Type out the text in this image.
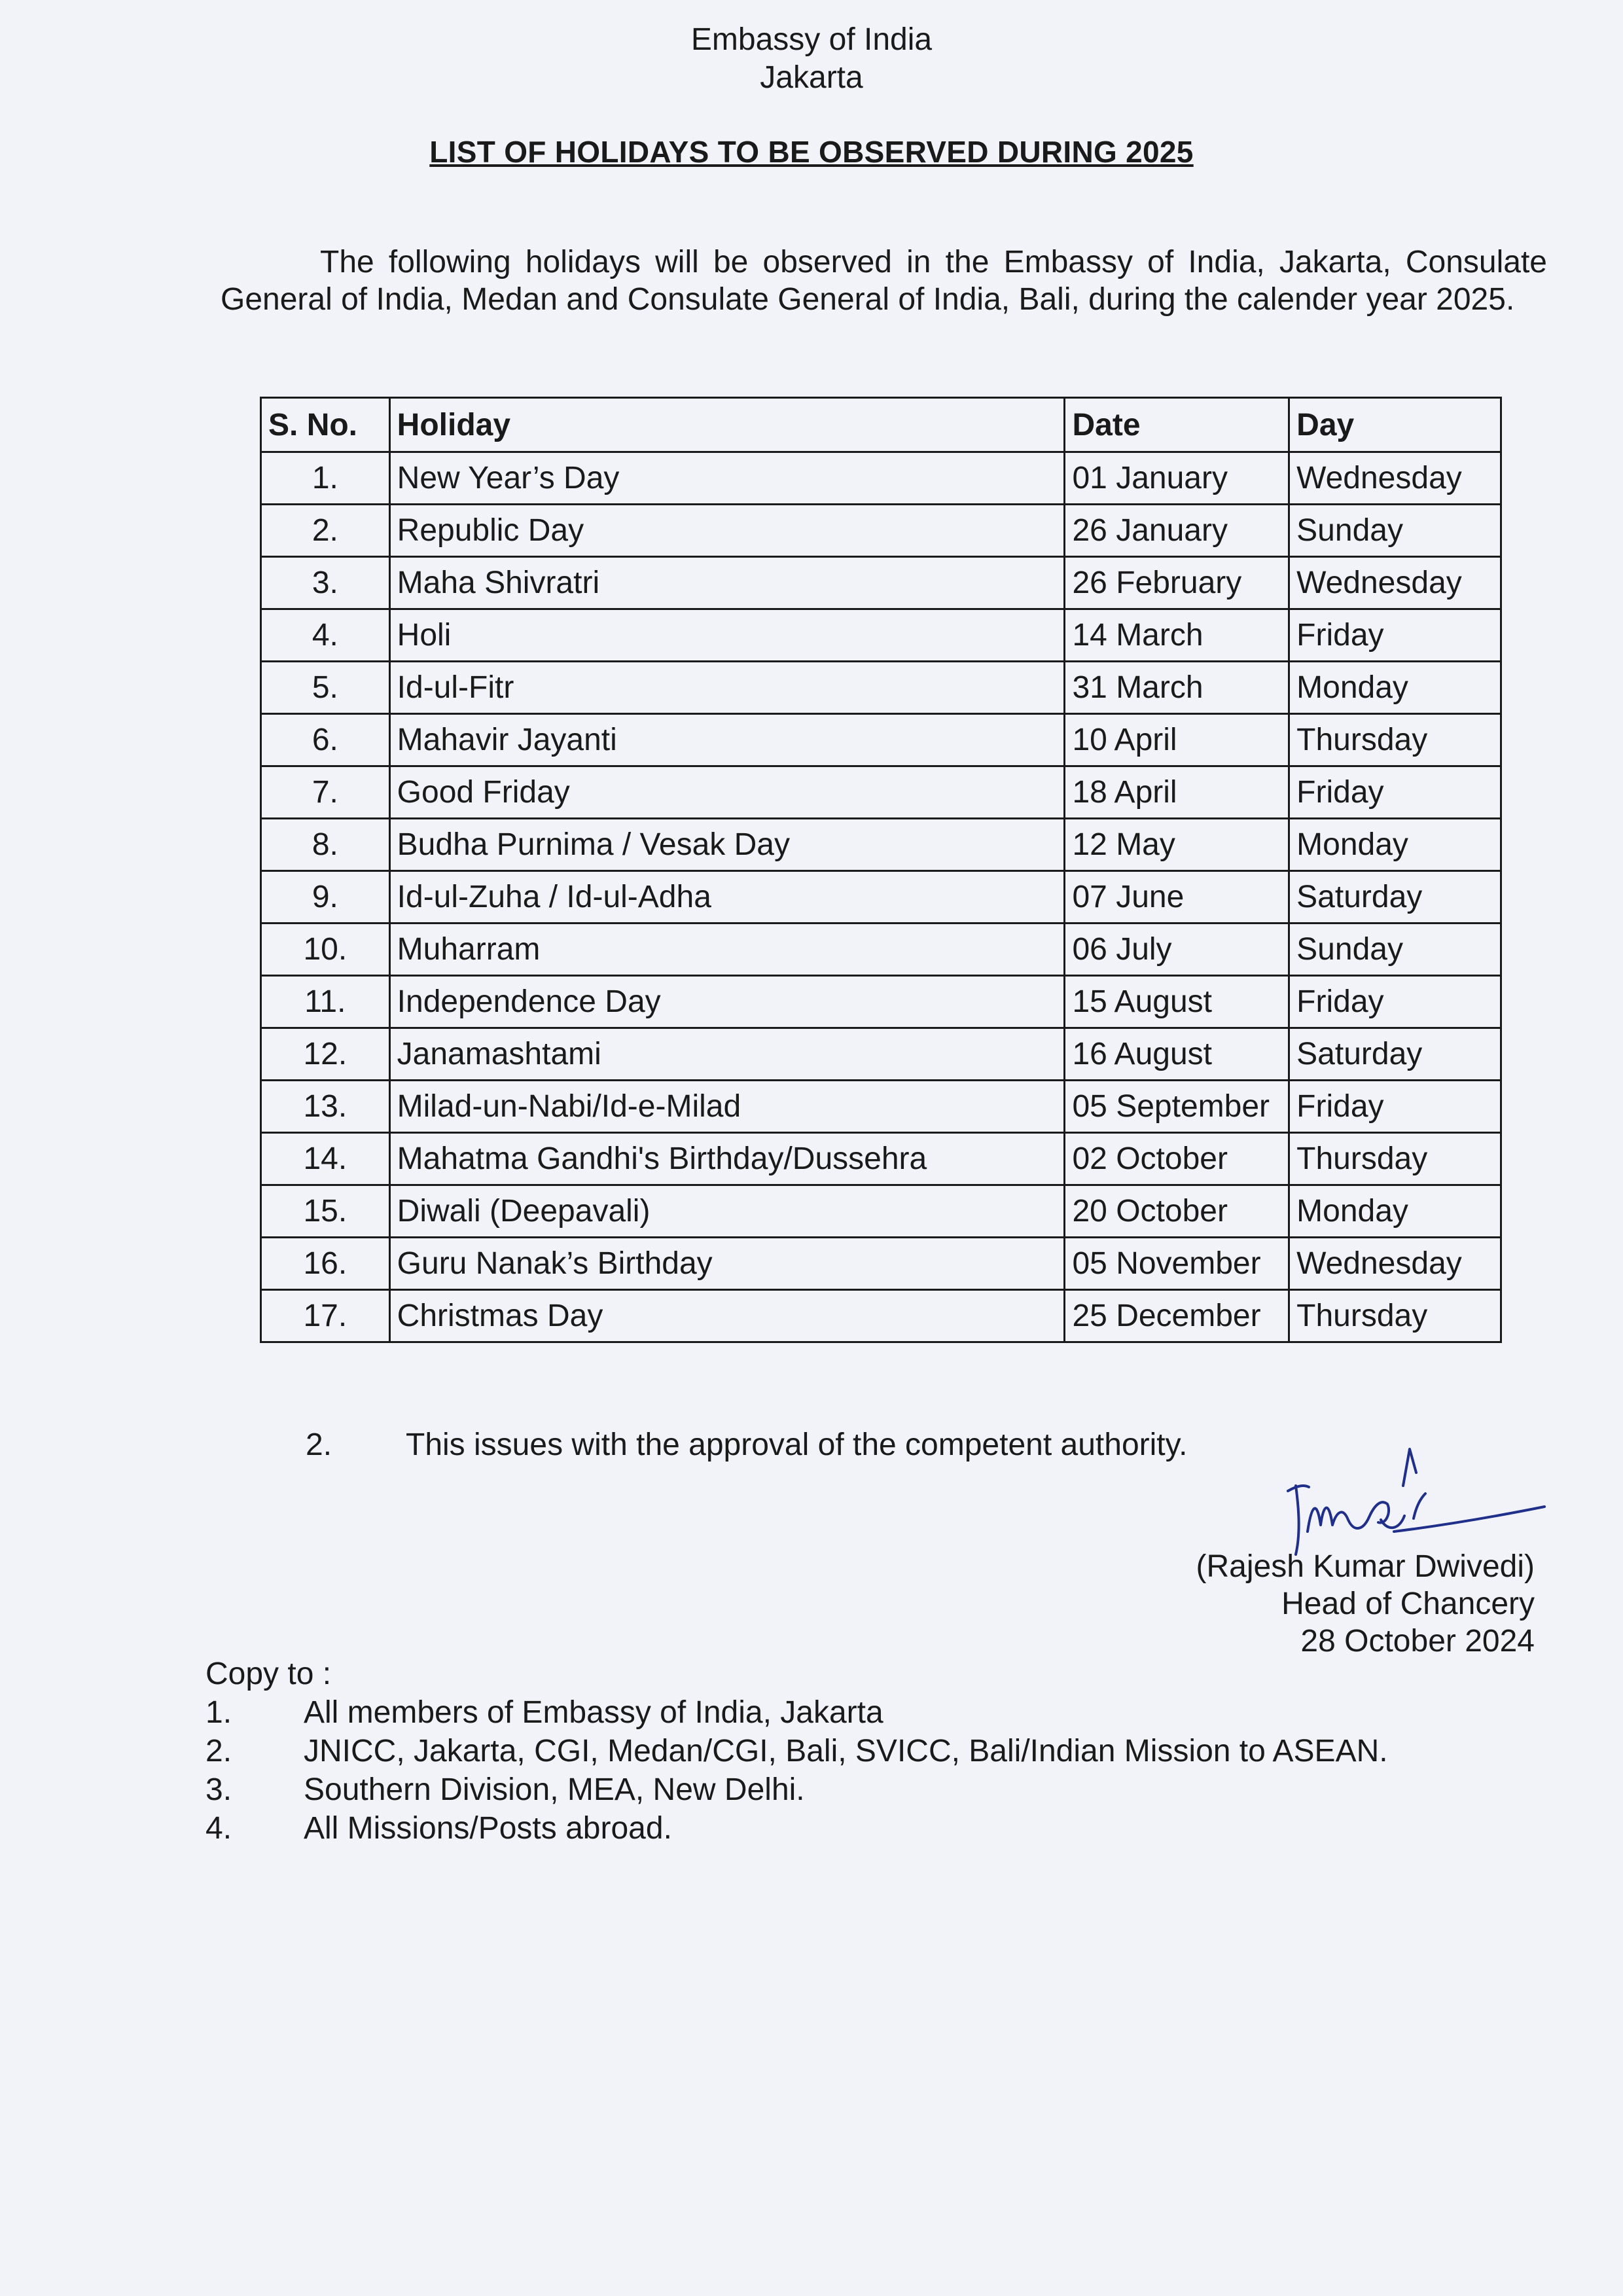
Embassy of India
Jakarta
LIST OF HOLIDAYS TO BE OBSERVED DURING 2025
The following holidays will be observed in the Embassy of India, Jakarta, Consulate General of India, Medan and Consulate General of India, Bali, during the calender year 2025.
S. No.	Holiday	Date	Day
1.	New Year’s Day	01 January	Wednesday
2.	Republic Day	26 January	Sunday
3.	Maha Shivratri	26 February	Wednesday
4.	Holi	14 March	Friday
5.	Id-ul-Fitr	31 March	Monday
6.	Mahavir Jayanti	10 April	Thursday
7.	Good Friday	18 April	Friday
8.	Budha Purnima / Vesak Day	12 May	Monday
9.	Id-ul-Zuha / Id-ul-Adha	07 June	Saturday
10.	Muharram	06 July	Sunday
11.	Independence Day	15 August	Friday
12.	Janamashtami	16 August	Saturday
13.	Milad-un-Nabi/Id-e-Milad	05 September	Friday
14.	Mahatma Gandhi's Birthday/Dussehra	02 October	Thursday
15.	Diwali (Deepavali)	20 October	Monday
16.	Guru Nanak’s Birthday	05 November	Wednesday
17.	Christmas Day	25 December	Thursday
2. This issues with the approval of the competent authority.
(Rajesh Kumar Dwivedi)
Head of Chancery
28 October 2024
Copy to :
1. All members of Embassy of India, Jakarta
2. JNICC, Jakarta, CGI, Medan/CGI, Bali, SVICC, Bali/Indian Mission to ASEAN.
3. Southern Division, MEA, New Delhi.
4. All Missions/Posts abroad.
